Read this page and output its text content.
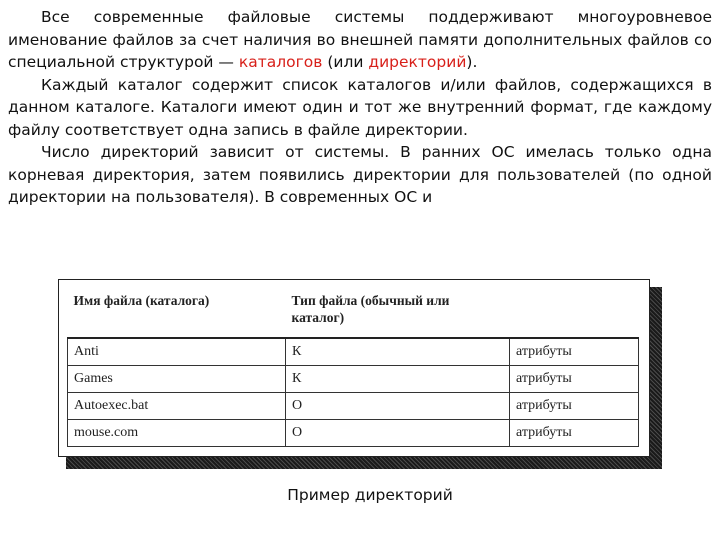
Все современные файловые системы поддерживают многоуровневое именование файлов за счет наличия во внешней памяти дополнительных файлов со специальной структурой — каталогов (или директорий).

Каждый каталог содержит список каталогов и/или файлов, содержащихся в данном каталоге. Каталоги имеют один и тот же внутренний формат, где каждому файлу соответствует одна запись в файле директории.

Число директорий зависит от системы. В ранних ОС имелась только одна корневая директория, затем появились директории для пользователей (по одной директории на пользователя). В современных ОС и

Имя файла (каталога)	Тип файла (обычный или каталог)	
Anti	К	атрибуты
Games	К	атрибуты
Autoexec.bat	О	атрибуты
mouse.com	О	атрибуты
Пример директорий
